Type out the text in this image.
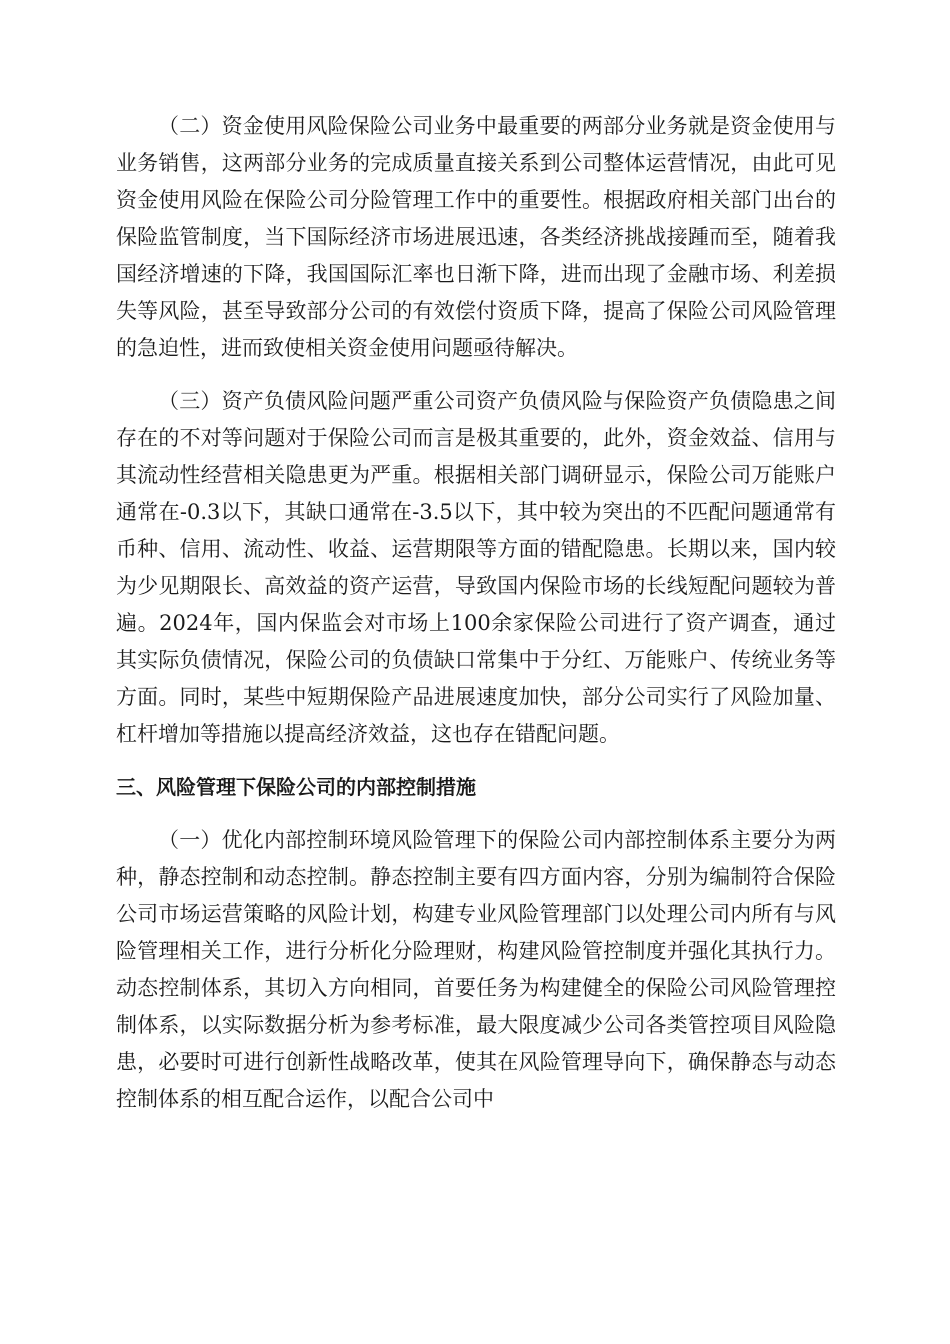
（二）资金使用风险保险公司业务中最重要的两部分业务就是资金使用与业务销售，这两部分业务的完成质量直接关系到公司整体运营情况，由此可见资金使用风险在保险公司分险管理工作中的重要性。根据政府相关部门出台的保险监管制度，当下国际经济市场进展迅速，各类经济挑战接踵而至，随着我国经济增速的下降，我国国际汇率也日渐下降，进而出现了金融市场、利差损失等风险，甚至导致部分公司的有效偿付资质下降，提高了保险公司风险管理的急迫性，进而致使相关资金使用问题亟待解决。

（三）资产负债风险问题严重公司资产负债风险与保险资产负债隐患之间存在的不对等问题对于保险公司而言是极其重要的，此外，资金效益、信用与其流动性经营相关隐患更为严重。根据相关部门调研显示，保险公司万能账户通常在-0.3以下，其缺口通常在-3.5以下，其中较为突出的不匹配问题通常有币种、信用、流动性、收益、运营期限等方面的错配隐患。长期以来，国内较为少见期限长、高效益的资产运营，导致国内保险市场的长线短配问题较为普遍。2024年，国内保监会对市场上100余家保险公司进行了资产调查，通过其实际负债情况，保险公司的负债缺口常集中于分红、万能账户、传统业务等方面。同时，某些中短期保险产品进展速度加快，部分公司实行了风险加量、杠杆增加等措施以提高经济效益，这也存在错配问题。

三、风险管理下保险公司的内部控制措施

（一）优化内部控制环境风险管理下的保险公司内部控制体系主要分为两种，静态控制和动态控制。静态控制主要有四方面内容，分别为编制符合保险公司市场运营策略的风险计划，构建专业风险管理部门以处理公司内所有与风险管理相关工作，进行分析化分险理财，构建风险管控制度并强化其执行力。动态控制体系，其切入方向相同，首要任务为构建健全的保险公司风险管理控制体系，以实际数据分析为参考标准，最大限度减少公司各类管控项目风险隐患，必要时可进行创新性战略改革，使其在风险管理导向下，确保静态与动态控制体系的相互配合运作，以配合公司中
